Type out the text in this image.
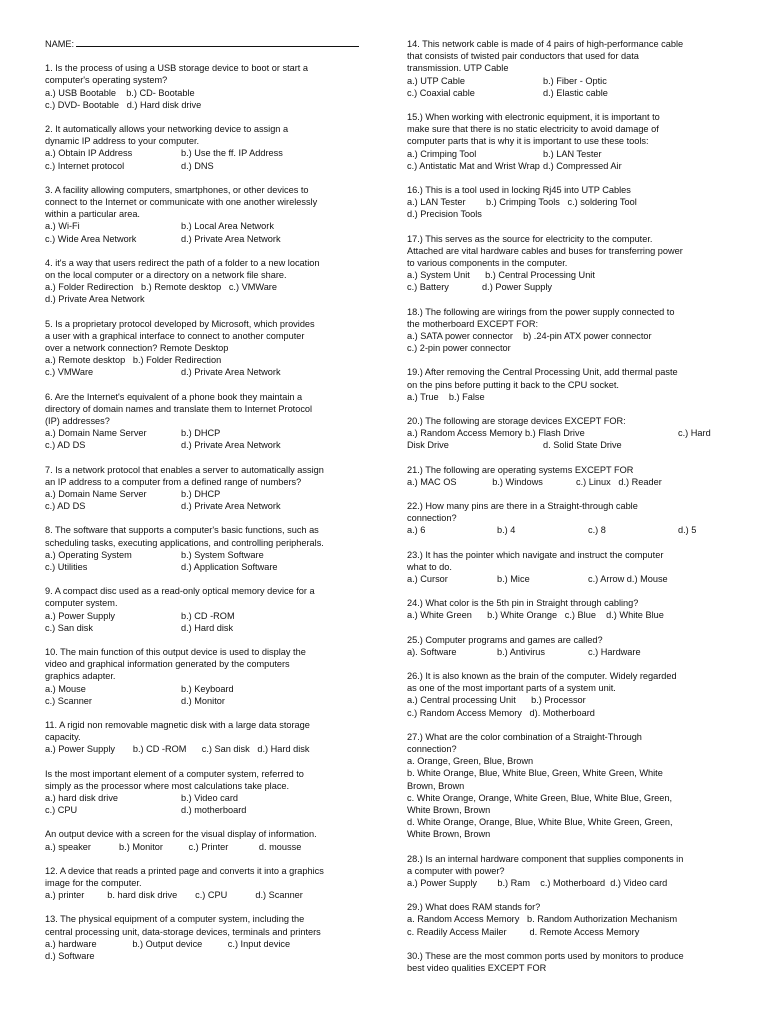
NAME:
1. Is the process of using a USB storage device to boot or start a
computer's operating system?
a.) USB Bootable    b.) CD- Bootable
c.) DVD- Bootable   d.) Hard disk drive
2. It automatically allows your networking device to assign a
dynamic IP address to your computer.
a.) Obtain IP Address	b.) Use the ff. IP Address
c.) Internet protocol	d.) DNS
3. A facility allowing computers, smartphones, or other devices to
connect to the Internet or communicate with one another wirelessly
within a particular area.
a.) Wi-Fi	b.) Local Area Network
c.) Wide Area Network	d.) Private Area Network
4. it's a way that users redirect the path of a folder to a new location
on the local computer or a directory on a network file share.
a.) Folder Redirection   b.) Remote desktop   c.) VMWare
d.) Private Area Network
5. Is a proprietary protocol developed by Microsoft, which provides
a user with a graphical interface to connect to another computer
over a network connection? Remote Desktop
a.) Remote desktop   b.) Folder Redirection
c.) VMWare	d.) Private Area Network
6. Are the Internet's equivalent of a phone book they maintain a
directory of domain names and translate them to Internet Protocol
(IP) addresses?
a.) Domain Name Server	b.) DHCP
c.) AD DS	d.) Private Area Network
7. Is a network protocol that enables a server to automatically assign
an IP address to a computer from a defined range of numbers?
a.) Domain Name Server	b.) DHCP
c.) AD DS	d.) Private Area Network
8. The software that supports a computer's basic functions, such as
scheduling tasks, executing applications, and controlling peripherals.
a.) Operating System	b.) System Software
c.) Utilities	d.) Application Software
9. A compact disc used as a read-only optical memory device for a
computer system.
a.) Power Supply	b.) CD -ROM
c.) San disk	d.) Hard disk
10. The main function of this output device is used to display the
video and graphical information generated by the computers
graphics adapter.
a.) Mouse	b.) Keyboard
c.) Scanner	d.) Monitor
11. A rigid non removable magnetic disk with a large data storage
capacity.
a.) Power Supply       b.) CD -ROM      c.) San disk   d.) Hard disk
Is the most important element of a computer system, referred to
simply as the processor where most calculations take place.
a.) hard disk drive	b.) Video card
c.) CPU	d.) motherboard
An output device with a screen for the visual display of information.
a.) speaker           b.) Monitor          c.) Printer            d. mousse
12. A device that reads a printed page and converts it into a graphics
image for the computer.
a.) printer         b. hard disk drive       c.) CPU           d.) Scanner
13. The physical equipment of a computer system, including the
central processing unit, data-storage devices, terminals and printers
a.) hardware              b.) Output device          c.) Input device
d.) Software
14. This network cable is made of 4 pairs of high-performance cable
that consists of twisted pair conductors that used for data
transmission. UTP Cable
a.) UTP Cable	b.) Fiber - Optic
c.) Coaxial cable	d.) Elastic cable
15.) When working with electronic equipment, it is important to
make sure that there is no static electricity to avoid damage of
computer parts that is why it is important to use these tools:
a.) Crimping Tool	b.) LAN Tester
c.) Antistatic Mat and Wrist Wrap d.) Compressed Air
16.) This is a tool used in locking Rj45 into UTP Cables
a.) LAN Tester        b.) Crimping Tools   c.) soldering Tool
d.) Precision Tools
17.) This serves as the source for electricity to the computer.
Attached are vital hardware cables and buses for transferring power
to various components in the computer.
a.) System Unit      b.) Central Processing Unit
c.) Battery             d.) Power Supply
18.) The following are wirings from the power supply connected to
the motherboard EXCEPT FOR:
a.) SATA power connector    b) .24-pin ATX power connector
c.) 2-pin power connector
19.) After removing the Central Processing Unit, add thermal paste
on the pins before putting it back to the CPU socket.
a.) True    b.) False
20.) The following are storage devices EXCEPT FOR:
a.) Random Access Memory b.) Flash Drive	c.) Hard
Disk Drive	d. Solid State Drive
21.) The following are operating systems EXCEPT FOR
a.) MAC OS              b.) Windows             c.) Linux   d.) Reader
22.) How many pins are there in a Straight-through cable
connection?
a.) 6	b.) 4	c.) 8	d.) 5
23.) It has the pointer which navigate and instruct the computer
what to do.
a.) Cursor	b.) Mice	c.) Arrow d.) Mouse
24.) What color is the 5th pin in Straight through cabling?
a.) White Green      b.) White Orange   c.) Blue    d.) White Blue
25.) Computer programs and games are called?
a). Software	b.) Antivirus	c.) Hardware
26.) It is also known as the brain of the computer. Widely regarded
as one of the most important parts of a system unit.
a.) Central processing Unit      b.) Processor
c.) Random Access Memory   d). Motherboard
27.) What are the color combination of a Straight-Through
connection?
a. Orange, Green, Blue, Brown
b. White Orange, Blue, White Blue, Green, White Green, White
Brown, Brown
c. White Orange, Orange, White Green, Blue, White Blue, Green,
White Brown, Brown
d. White Orange, Orange, Blue, White Blue, White Green, Green,
White Brown, Brown
28.) Is an internal hardware component that supplies components in
a computer with power?
a.) Power Supply        b.) Ram    c.) Motherboard  d.) Video card
29.) What does RAM stands for?
a. Random Access Memory   b. Random Authorization Mechanism
c. Readily Access Mailer         d. Remote Access Memory
30.) These are the most common ports used by monitors to produce
best video qualities EXCEPT FOR
